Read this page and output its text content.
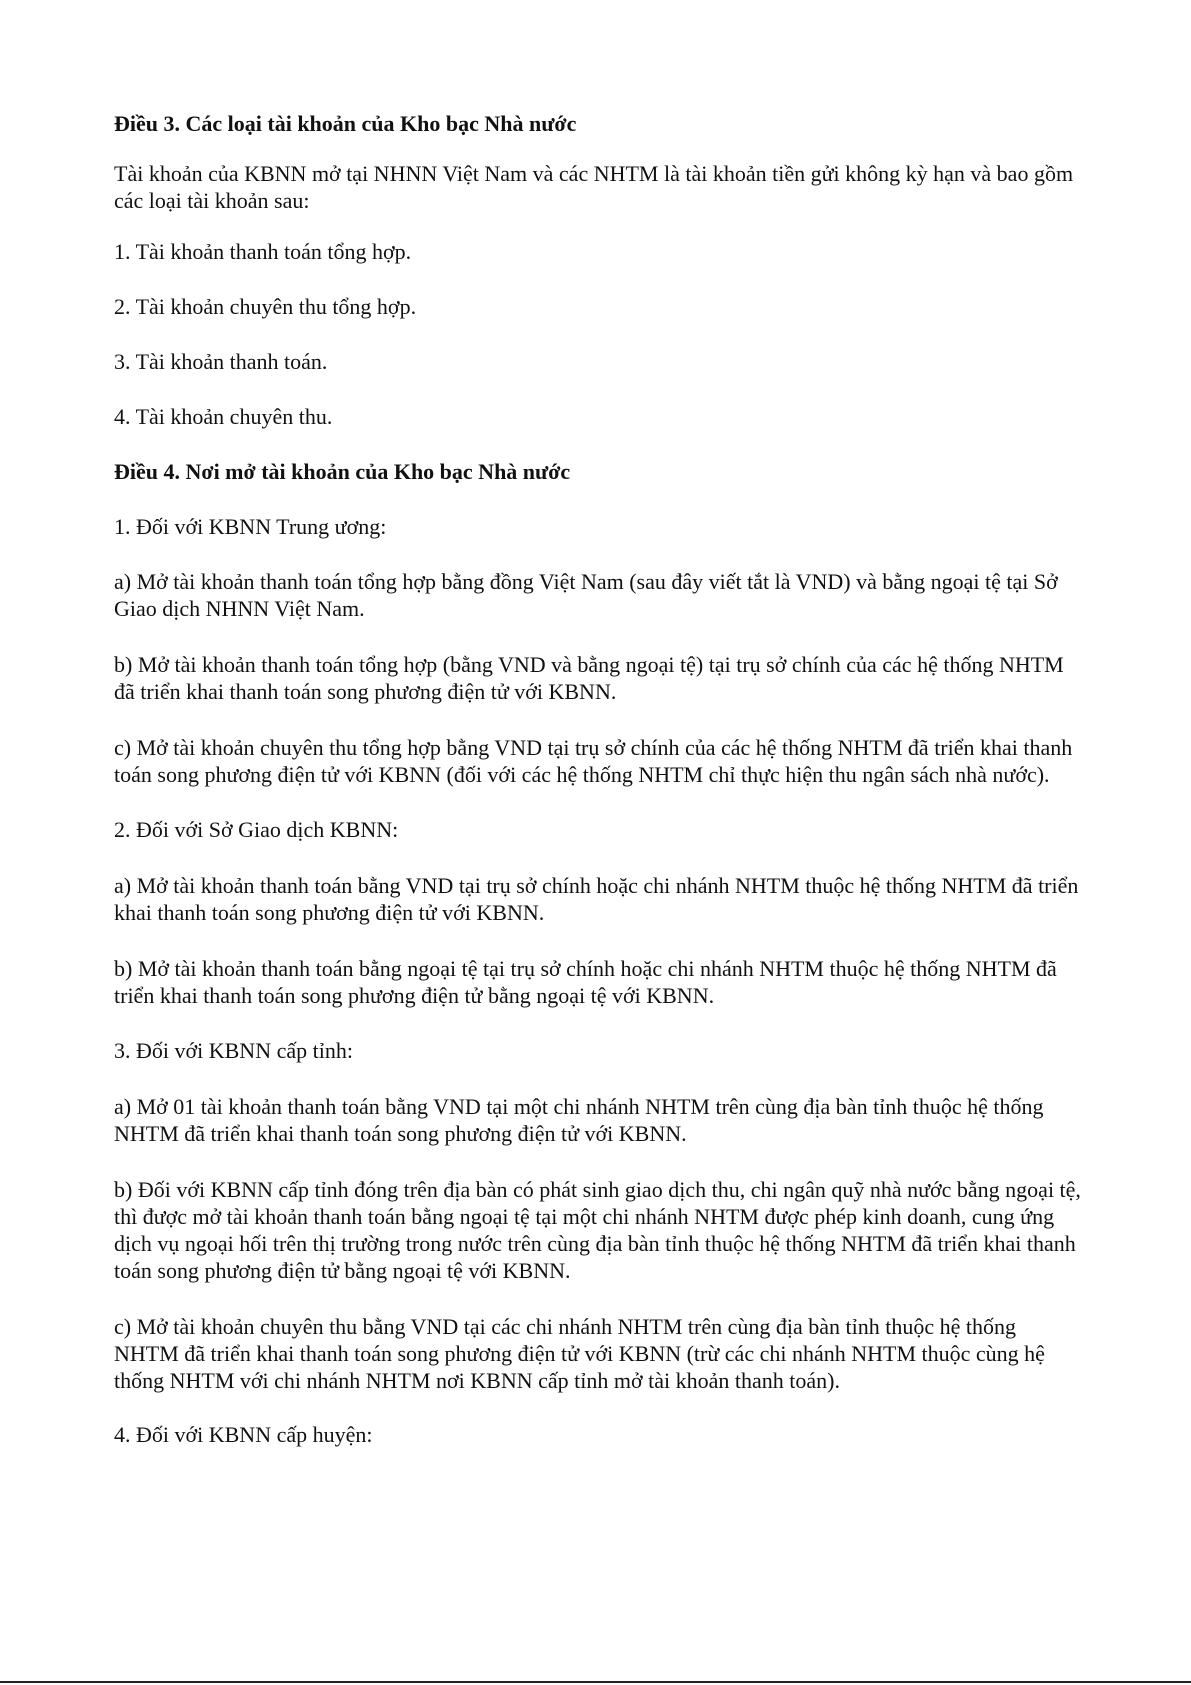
Điều 3. Các loại tài khoản của Kho bạc Nhà nước

Tài khoản của KBNN mở tại NHNN Việt Nam và các NHTM là tài khoản tiền gửi không kỳ hạn và bao gồm các loại tài khoản sau:

1. Tài khoản thanh toán tổng hợp.

2. Tài khoản chuyên thu tổng hợp.

3. Tài khoản thanh toán.

4. Tài khoản chuyên thu.

Điều 4. Nơi mở tài khoản của Kho bạc Nhà nước

1. Đối với KBNN Trung ương:

a) Mở tài khoản thanh toán tổng hợp bằng đồng Việt Nam (sau đây viết tắt là VND) và bằng ngoại tệ tại Sở Giao dịch NHNN Việt Nam.

b) Mở tài khoản thanh toán tổng hợp (bằng VND và bằng ngoại tệ) tại trụ sở chính của các hệ thống NHTM đã triển khai thanh toán song phương điện tử với KBNN.

c) Mở tài khoản chuyên thu tổng hợp bằng VND tại trụ sở chính của các hệ thống NHTM đã triển khai thanh toán song phương điện tử với KBNN (đối với các hệ thống NHTM chỉ thực hiện thu ngân sách nhà nước).

2. Đối với Sở Giao dịch KBNN:

a) Mở tài khoản thanh toán bằng VND tại trụ sở chính hoặc chi nhánh NHTM thuộc hệ thống NHTM đã triển khai thanh toán song phương điện tử với KBNN.

b) Mở tài khoản thanh toán bằng ngoại tệ tại trụ sở chính hoặc chi nhánh NHTM thuộc hệ thống NHTM đã triển khai thanh toán song phương điện tử bằng ngoại tệ với KBNN.

3. Đối với KBNN cấp tỉnh:

a) Mở 01 tài khoản thanh toán bằng VND tại một chi nhánh NHTM trên cùng địa bàn tỉnh thuộc hệ thống NHTM đã triển khai thanh toán song phương điện tử với KBNN.

b) Đối với KBNN cấp tỉnh đóng trên địa bàn có phát sinh giao dịch thu, chi ngân quỹ nhà nước bằng ngoại tệ, thì được mở tài khoản thanh toán bằng ngoại tệ tại một chi nhánh NHTM được phép kinh doanh, cung ứng dịch vụ ngoại hối trên thị trường trong nước trên cùng địa bàn tỉnh thuộc hệ thống NHTM đã triển khai thanh toán song phương điện tử bằng ngoại tệ với KBNN.

c) Mở tài khoản chuyên thu bằng VND tại các chi nhánh NHTM trên cùng địa bàn tỉnh thuộc hệ thống NHTM đã triển khai thanh toán song phương điện tử với KBNN (trừ các chi nhánh NHTM thuộc cùng hệ thống NHTM với chi nhánh NHTM nơi KBNN cấp tỉnh mở tài khoản thanh toán).

4. Đối với KBNN cấp huyện:
